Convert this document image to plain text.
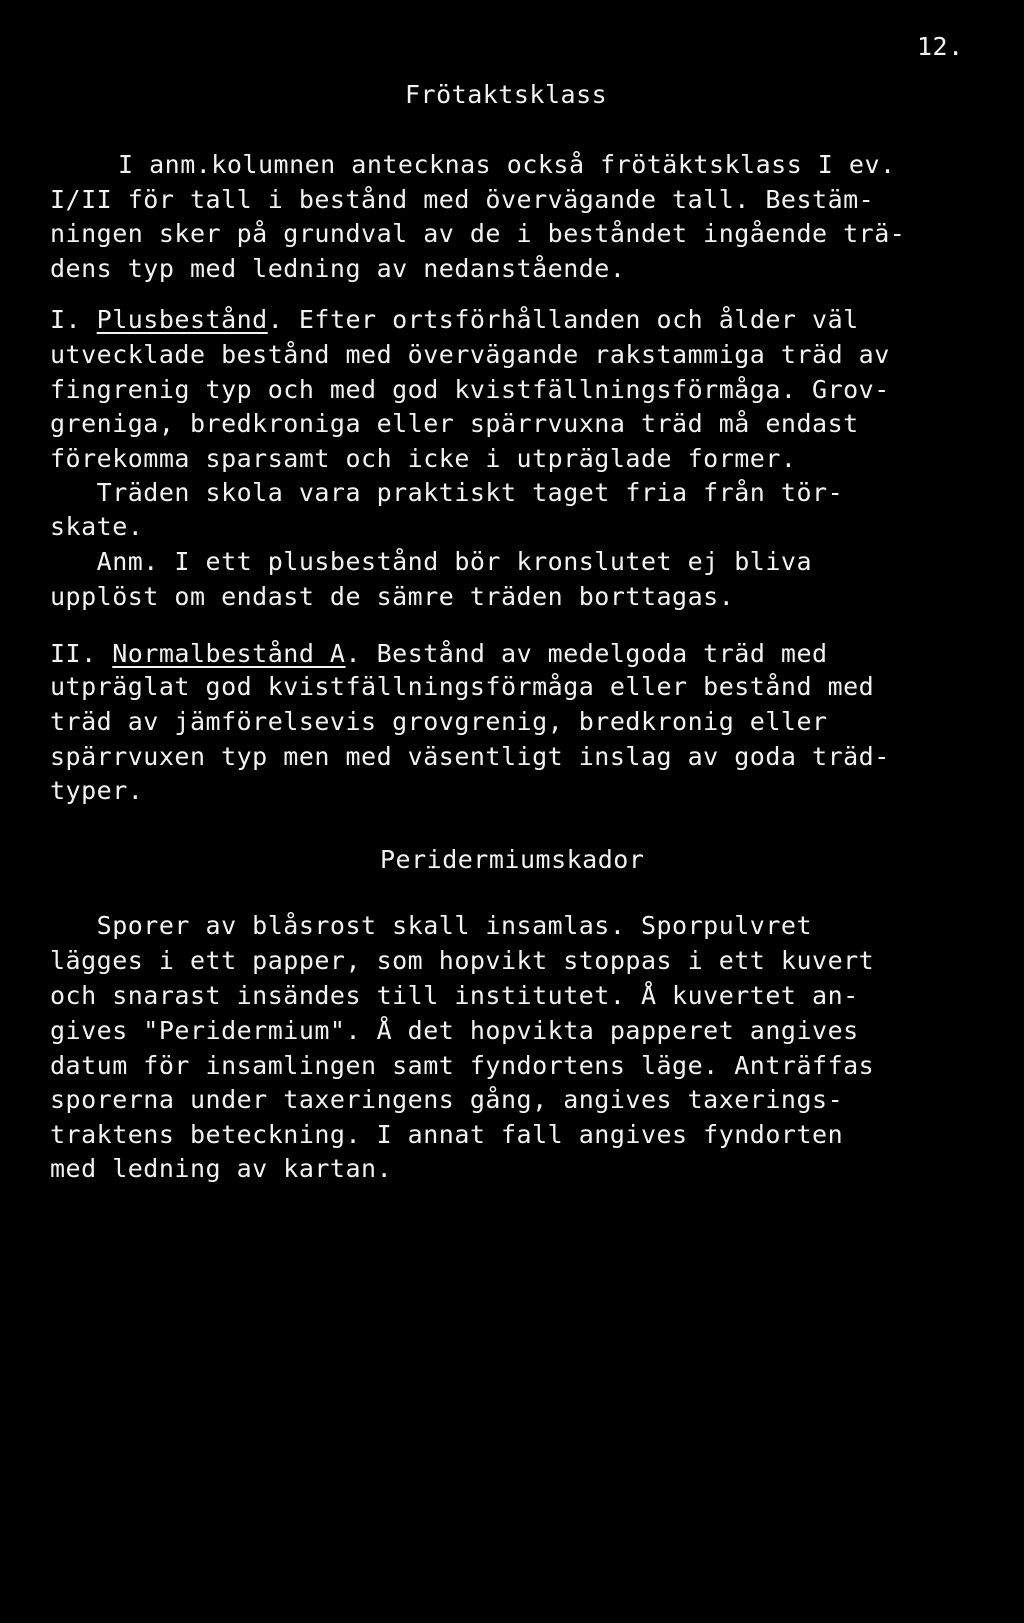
12.
Frötaktsklass
I anm.kolumnen antecknas också frötäktsklass I ev.
I/II för tall i bestånd med övervägande tall. Bestäm-
ningen sker på grundval av de i beståndet ingående trä-
dens typ med ledning av nedanstående.
I. Plusbestånd. Efter ortsförhållanden och ålder väl
utvecklade bestånd med övervägande rakstammiga träd av
fingrenig typ och med god kvistfällningsförmåga. Grov-
greniga, bredkroniga eller spärrvuxna träd må endast
förekomma sparsamt och icke i utpräglade former.
Träden skola vara praktiskt taget fria från tör-
skate.
Anm. I ett plusbestånd bör kronslutet ej bliva
upplöst om endast de sämre träden borttagas.
II. Normalbestånd A. Bestånd av medelgoda träd med
utpräglat god kvistfällningsförmåga eller bestånd med
träd av jämförelsevis grovgrenig, bredkronig eller
spärrvuxen typ men med väsentligt inslag av goda träd-
typer.
Peridermiumskador
Sporer av blåsrost skall insamlas. Sporpulvret
lägges i ett papper, som hopvikt stoppas i ett kuvert
och snarast insändes till institutet. Å kuvertet an-
gives "Peridermium". Å det hopvikta papperet angives
datum för insamlingen samt fyndortens läge. Anträffas
sporerna under taxeringens gång, angives taxerings-
traktens beteckning. I annat fall angives fyndorten
med ledning av kartan.
